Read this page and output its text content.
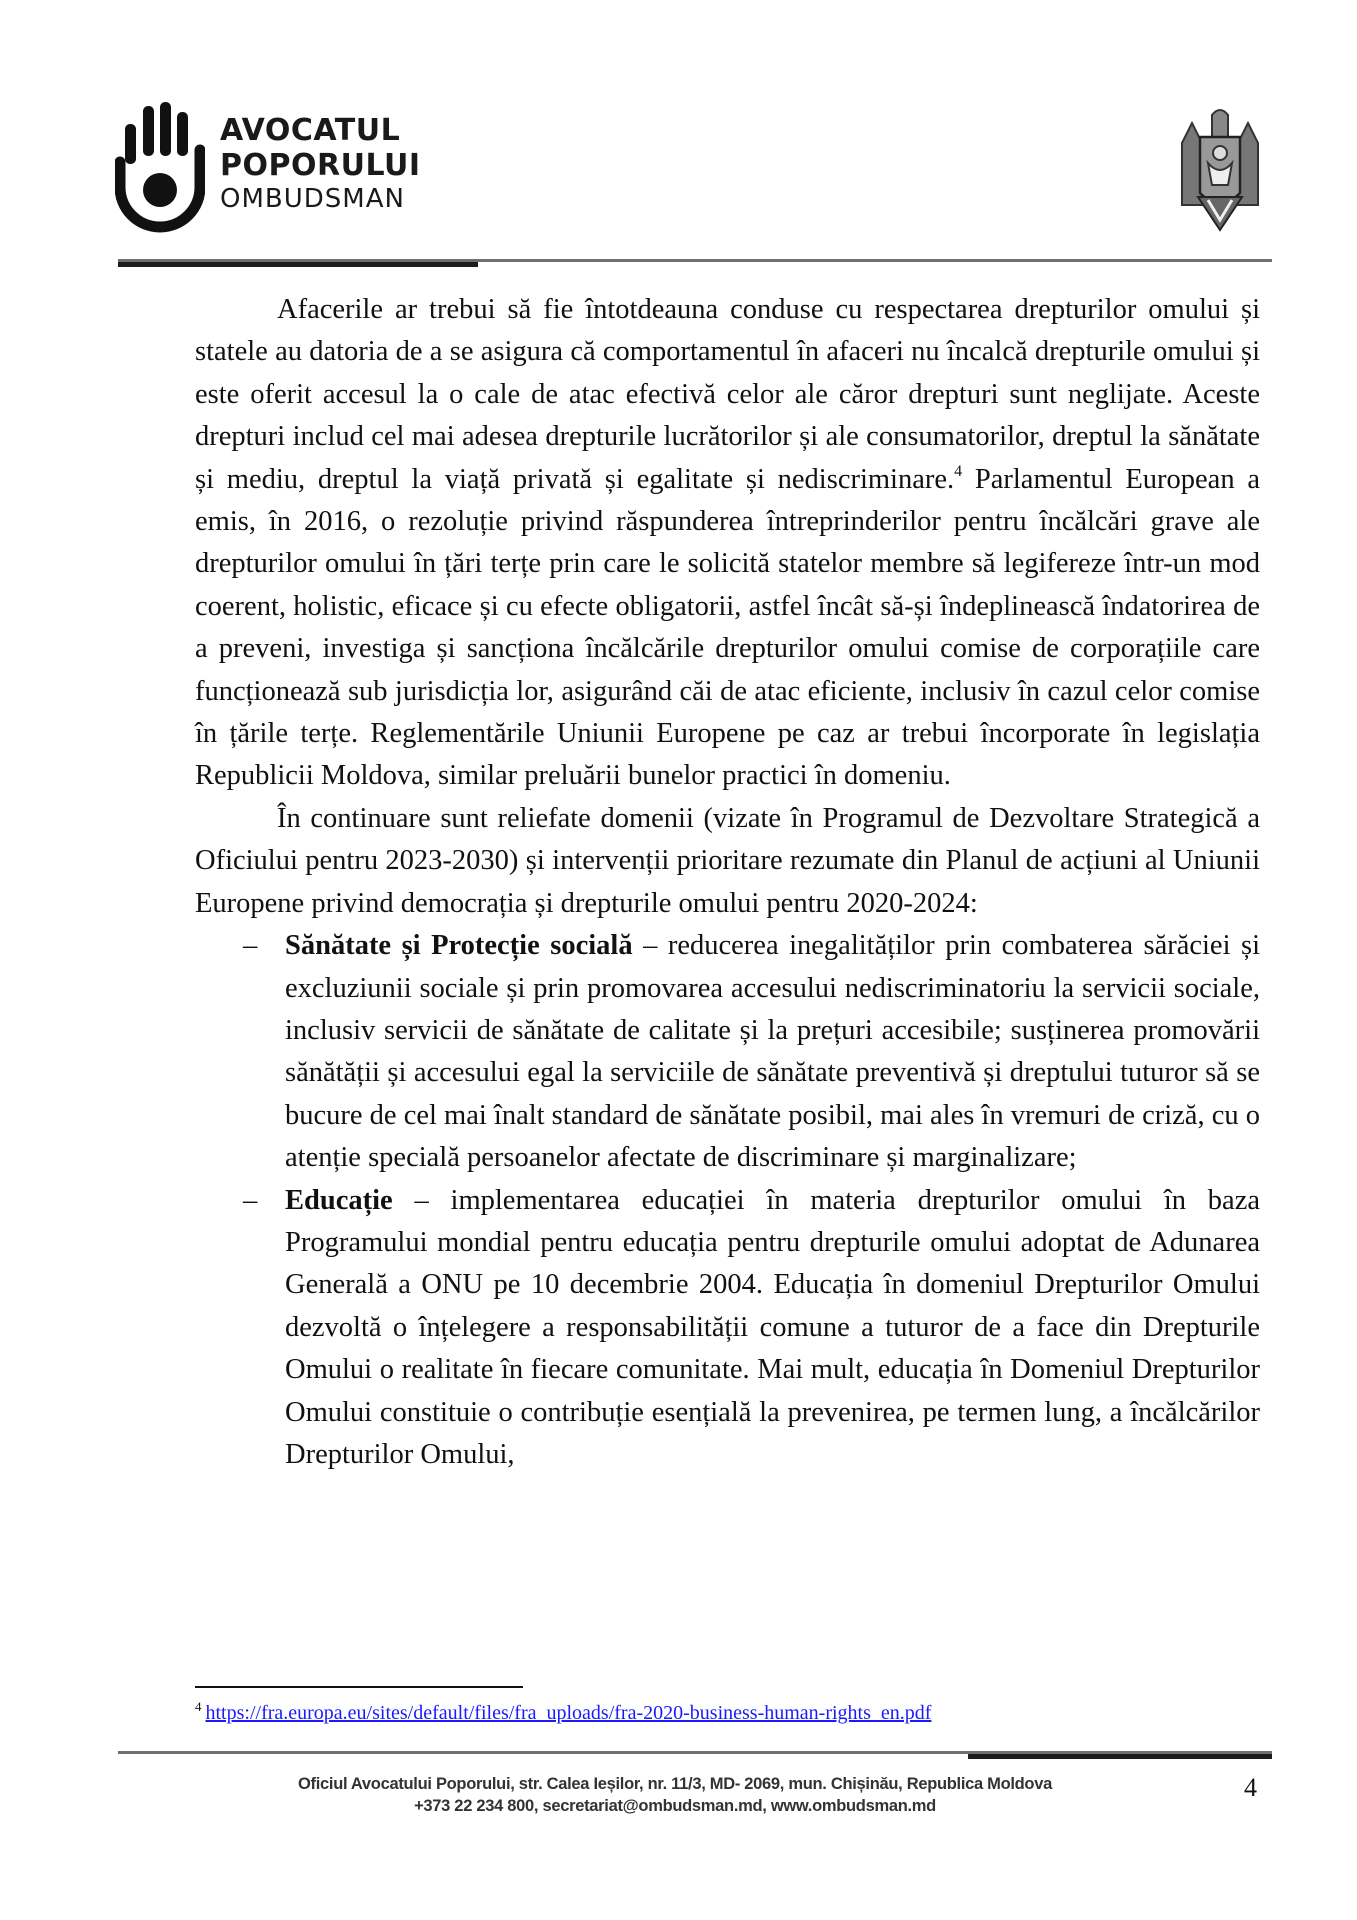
AVOCATUL
POPORULUI
OMBUDSMAN

Afacerile ar trebui să fie întotdeauna conduse cu respectarea drepturilor omului și statele au datoria de a se asigura că comportamentul în afaceri nu încalcă drepturile omului și este oferit accesul la o cale de atac efectivă celor ale căror drepturi sunt neglijate. Aceste drepturi includ cel mai adesea drepturile lucrătorilor și ale consumatorilor, dreptul la sănătate și mediu, dreptul la viață privată și egalitate și nediscriminare.$^4$ Parlamentul European a emis, în 2016, o rezoluție privind răspunderea întreprinderilor pentru încălcări grave ale drepturilor omului în țări terțe prin care le solicită statelor membre să legifereze într-un mod coerent, holistic, eficace și cu efecte obligatorii, astfel încât să-și îndeplinească îndatorirea de a preveni, investiga și sancționa încălcările drepturilor omului comise de corporațiile care funcționează sub jurisdicția lor, asigurând căi de atac eficiente, inclusiv în cazul celor comise în țările terțe. Reglementările Uniunii Europene pe caz ar trebui încorporate în legislația Republicii Moldova, similar preluării bunelor practici în domeniu.

În continuare sunt reliefate domenii (vizate în Programul de Dezvoltare Strategică a Oficiului pentru 2023-2030) și intervenții prioritare rezumate din Planul de acțiuni al Uniunii Europene privind democrația și drepturile omului pentru 2020-2024:

– Sănătate și Protecție socială – reducerea inegalităților prin combaterea sărăciei și excluziunii sociale și prin promovarea accesului nediscriminatoriu la servicii sociale, inclusiv servicii de sănătate de calitate și la prețuri accesibile; susținerea promovării sănătății și accesului egal la serviciile de sănătate preventivă și dreptului tuturor să se bucure de cel mai înalt standard de sănătate posibil, mai ales în vremuri de criză, cu o atenție specială persoanelor afectate de discriminare și marginalizare;
– Educație – implementarea educației în materia drepturilor omului în baza Programului mondial pentru educația pentru drepturile omului adoptat de Adunarea Generală a ONU pe 10 decembrie 2004. Educația în domeniul Drepturilor Omului dezvoltă o înțelegere a responsabilității comune a tuturor de a face din Drepturile Omului o realitate în fiecare comunitate. Mai mult, educația în Domeniul Drepturilor Omului constituie o contribuție esențială la prevenirea, pe termen lung, a încălcărilor Drepturilor Omului,
$^4$ https://fra.europa.eu/sites/default/files/fra_uploads/fra-2020-business-human-rights_en.pdf
Oficiul Avocatului Poporului, str. Calea Ieșilor, nr. 11/3, MD- 2069, mun. Chișinău, Republica Moldova
+373 22 234 800, secretariat@ombudsman.md, www.ombudsman.md
4
